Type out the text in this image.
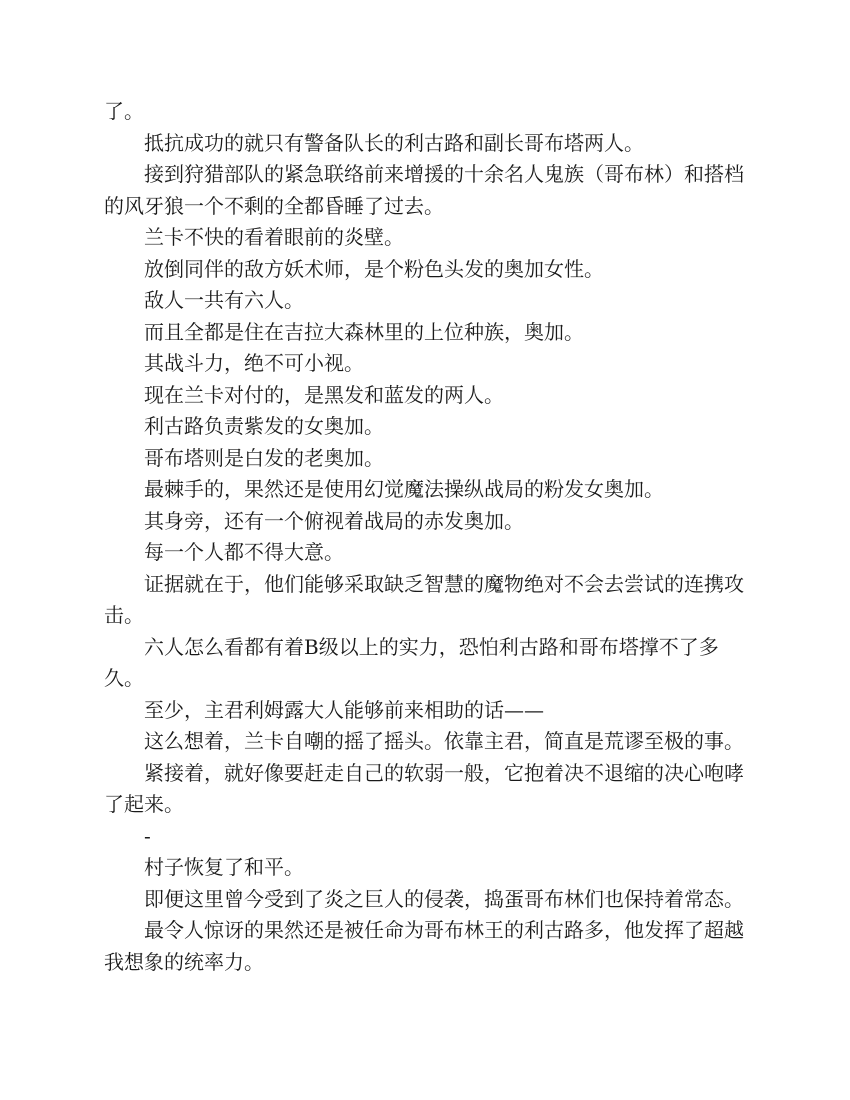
了。

抵抗成功的就只有警备队长的利古路和副长哥布塔两人。

接到狩猎部队的紧急联络前来增援的十余名人鬼族（哥布林）和搭档的风牙狼一个不剩的全都昏睡了过去。

兰卡不快的看着眼前的炎壁。

放倒同伴的敌方妖术师，是个粉色头发的奥加女性。

敌人一共有六人。

而且全都是住在吉拉大森林里的上位种族，奥加。

其战斗力，绝不可小视。

现在兰卡对付的，是黑发和蓝发的两人。

利古路负责紫发的女奥加。

哥布塔则是白发的老奥加。

最棘手的，果然还是使用幻觉魔法操纵战局的粉发女奥加。

其身旁，还有一个俯视着战局的赤发奥加。

每一个人都不得大意。

证据就在于，他们能够采取缺乏智慧的魔物绝对不会去尝试的连携攻击。

六人怎么看都有着B级以上的实力，恐怕利古路和哥布塔撑不了多久。

至少，主君利姆露大人能够前来相助的话——

这么想着，兰卡自嘲的摇了摇头。依靠主君，简直是荒谬至极的事。

紧接着，就好像要赶走自己的软弱一般，它抱着决不退缩的决心咆哮了起来。

-

村子恢复了和平。

即便这里曾今受到了炎之巨人的侵袭，捣蛋哥布林们也保持着常态。

最令人惊讶的果然还是被任命为哥布林王的利古路多，他发挥了超越我想象的统率力。
